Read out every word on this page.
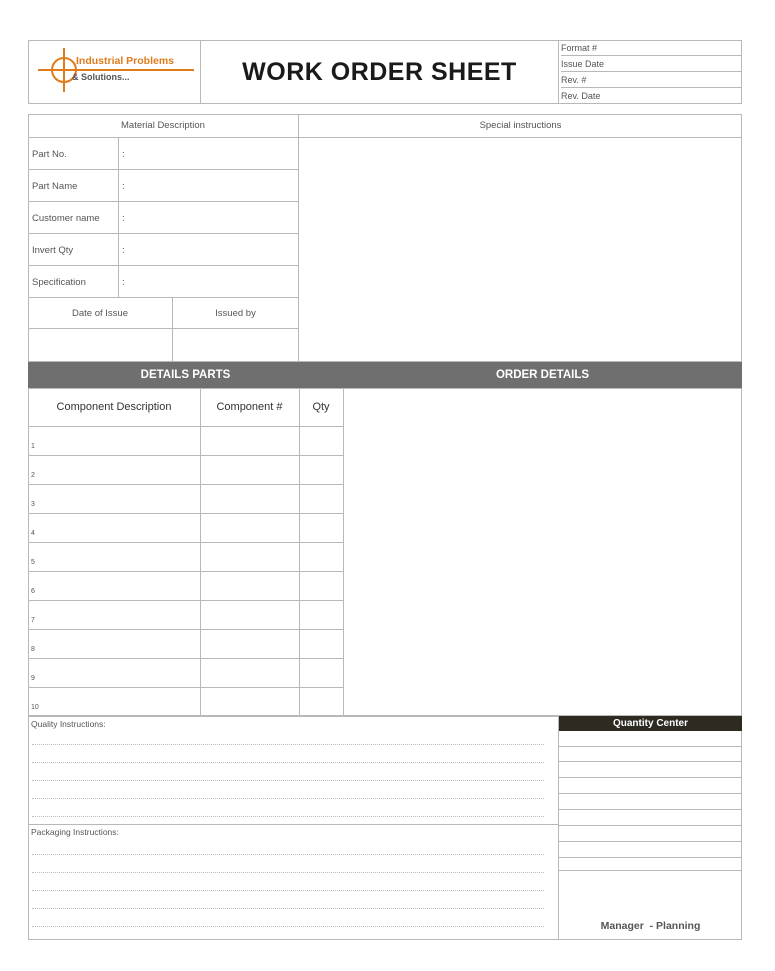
Industrial Problems
& Solutions...	WORK ORDER SHEET
Format #
Issue Date
Rev. #
Rev. Date
Material Description	Special instructions
Part No.	:
Part Name	:
Customer name	:
Invert Qty	:
Specification	:
Date of Issue	Issued by
DETAILS PARTS	ORDER DETAILS
Component Description	Component #	Qty
1
2
3
4
5
6
7
8
9
10
Quality Instructions:
Packaging Instructions:
Quantity Center
Manager  - Planning
